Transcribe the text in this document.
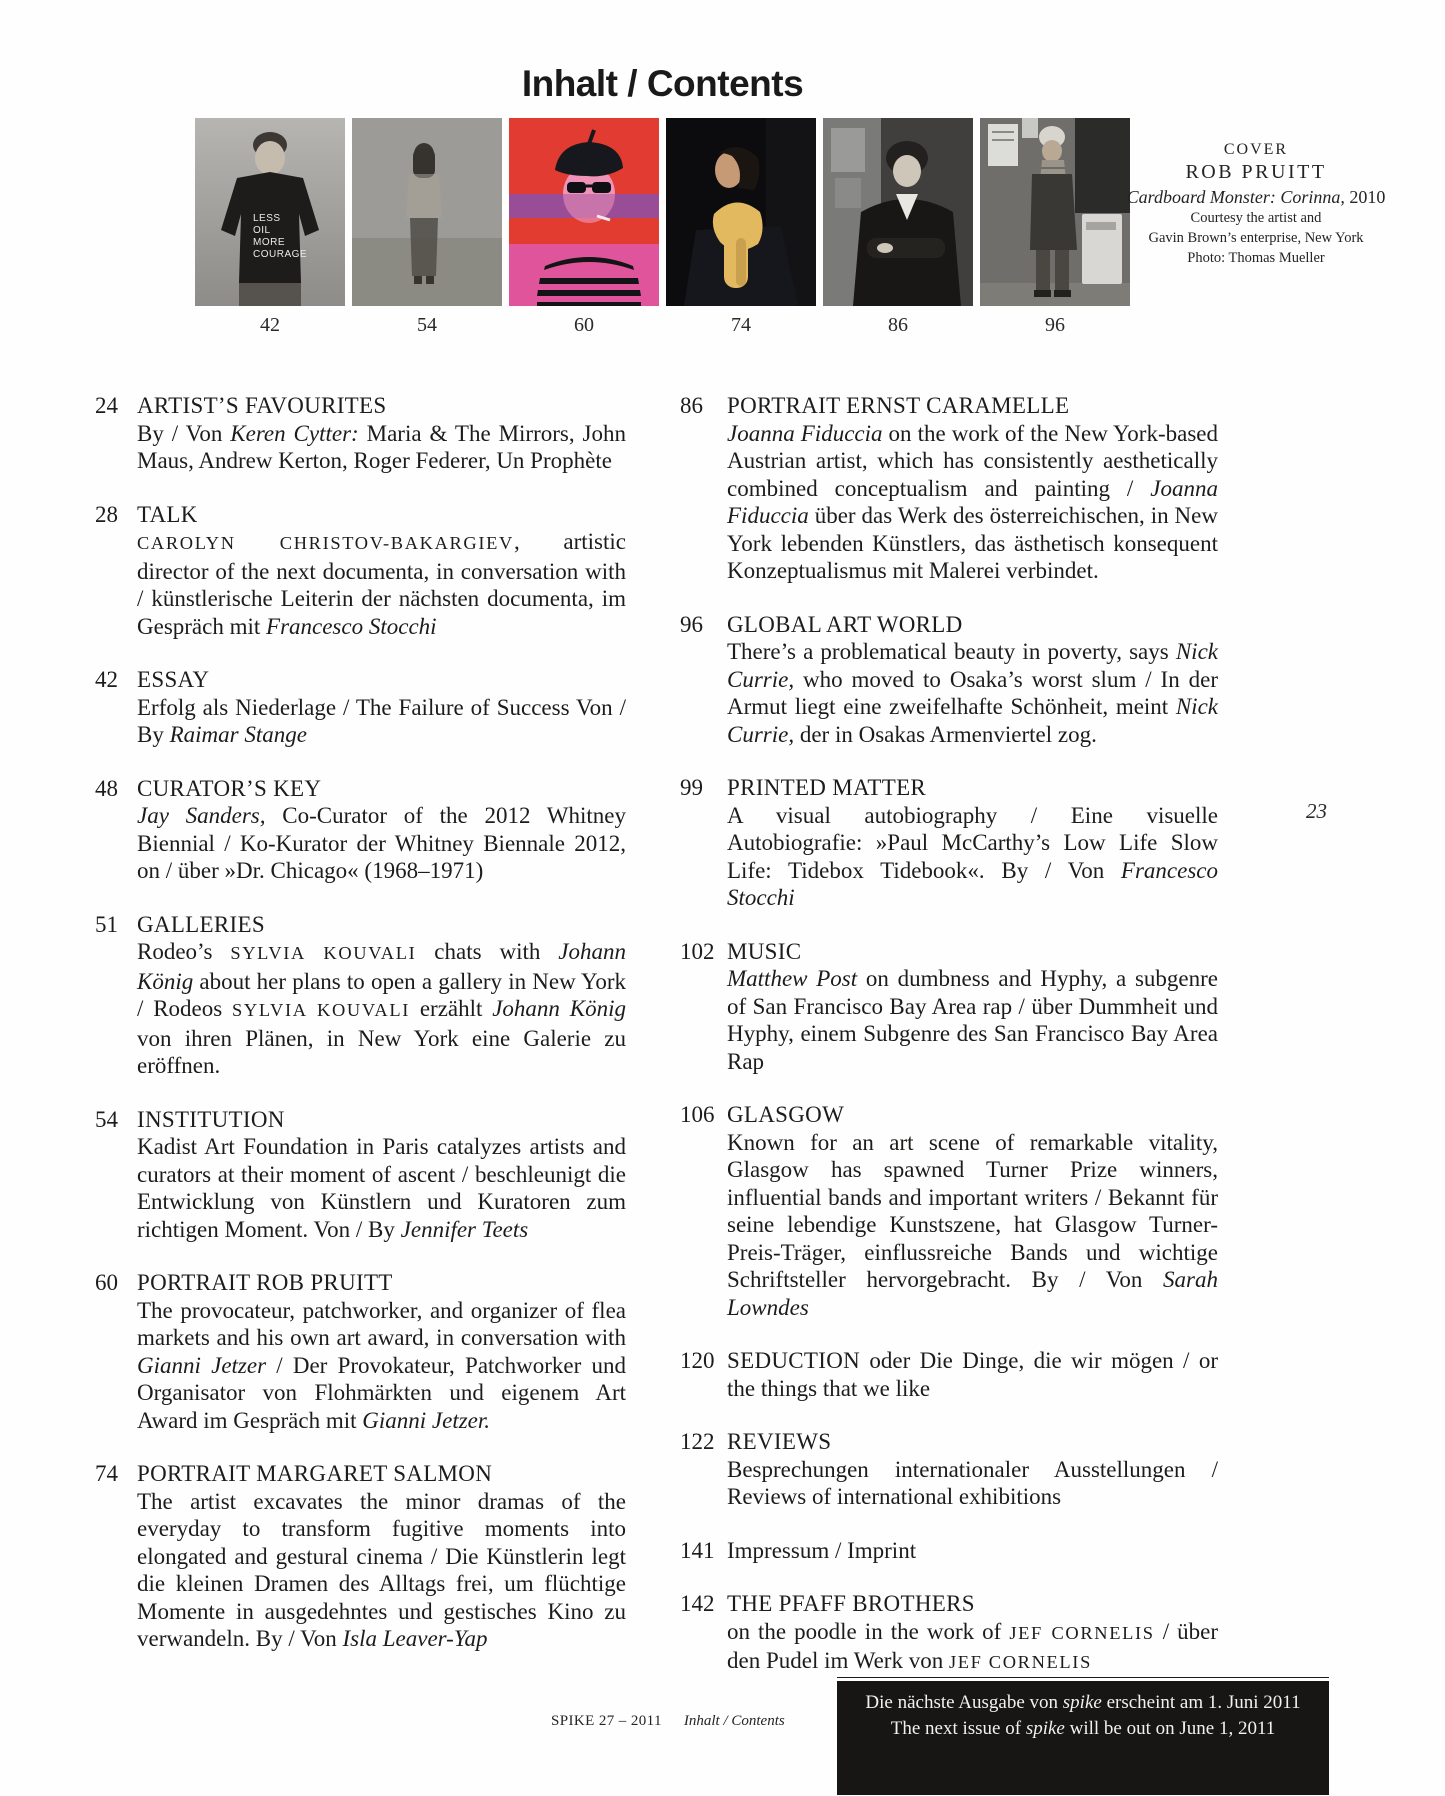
Inhalt / Contents
LESS
OIL
MORE
COURAGE
42	54	60	74	86	96
COVER
ROB PRUITT
Cardboard Monster: Corinna, 2010
Courtesy the artist and
Gavin Brown’s enterprise, New York
Photo: Thomas Mueller
24 ARTIST’S FAVOURITES

By / Von Keren Cytter: Maria & The Mirrors, John Maus, Andrew Kerton, Roger Federer, Un Prophète

28 TALK

CAROLYN CHRISTOV-BAKARGIEV, artistic director of the next documenta, in conversation with / künstlerische Leiterin der nächsten documenta, im Gespräch mit Francesco Stocchi

42 ESSAY

Erfolg als Niederlage / The Failure of Success Von / By Raimar Stange

48 CURATOR’S KEY

Jay Sanders, Co-Curator of the 2012 Whitney Biennial / Ko-Kurator der Whitney Biennale 2012, on / über »Dr. Chicago« (1968–1971)

51 GALLERIES

Rodeo’s SYLVIA KOUVALI chats with Johann König about her plans to open a gallery in New York / Rodeos SYLVIA KOUVALI erzählt Johann König von ihren Plänen, in New York eine Galerie zu eröffnen.

54 INSTITUTION

Kadist Art Foundation in Paris catalyzes artists and curators at their moment of ascent / beschleunigt die Entwicklung von Künstlern und Kuratoren zum richtigen Moment. Von / By Jennifer Teets

60 PORTRAIT ROB PRUITT

The provocateur, patchworker, and organizer of flea markets and his own art award, in conversation with Gianni Jetzer / Der Provokateur, Patchworker und Organisator von Flohmärkten und eigenem Art Award im Gespräch mit Gianni Jetzer.

74 PORTRAIT MARGARET SALMON

The artist excavates the minor dramas of the everyday to transform fugitive moments into elongated and gestural cinema / Die Künstlerin legt die kleinen Dramen des Alltags frei, um flüchtige Momente in ausgedehntes und gestisches Kino zu verwandeln. By / Von Isla Leaver-Yap

86	PORTRAIT ERNST CARAMELLE

Joanna Fiduccia on the work of the New York-based Austrian artist, which has consistently aesthetically combined conceptualism and painting / Joanna Fiduccia über das Werk des österreichischen, in New York lebenden Künstlers, das ästhetisch konsequent Konzeptualismus mit Malerei verbindet.

96	GLOBAL ART WORLD

There’s a problematical beauty in poverty, says Nick Currie, who moved to Osaka’s worst slum / In der Armut liegt eine zweifelhafte Schönheit, meint Nick Currie, der in Osakas Armenviertel zog.

99	PRINTED MATTER

A visual autobiography / Eine visuelle Autobiografie: »Paul McCarthy’s Low Life Slow Life: Tidebox Tidebook«. By / Von Francesco Stocchi

102 MUSIC

Matthew Post on dumbness and Hyphy, a subgenre of San Francisco Bay Area rap / über Dummheit und Hyphy, einem Subgenre des San Francisco Bay Area Rap

106 GLASGOW

Known for an art scene of remarkable vitality, Glasgow has spawned Turner Prize winners, influential bands and important writers / Bekannt für seine lebendige Kunstszene, hat Glasgow Turner-Preis-Träger, einflussreiche Bands und wichtige Schriftsteller hervorgebracht. By / Von Sarah Lowndes

120 SEDUCTION oder Die Dinge, die wir mögen / or the things that we like

122 REVIEWS

Besprechungen internationaler Ausstellungen / Reviews of international exhibitions

141 Impressum / Imprint

142 THE PFAFF BROTHERS

on the poodle in the work of JEF CORNELIS / über den Pudel im Werk von JEF CORNELIS

23
SPIKE 27 – 2011 Inhalt / Contents

Die nächste Ausgabe von spike erscheint am 1. Juni 2011

The next issue of spike will be out on June 1, 2011
